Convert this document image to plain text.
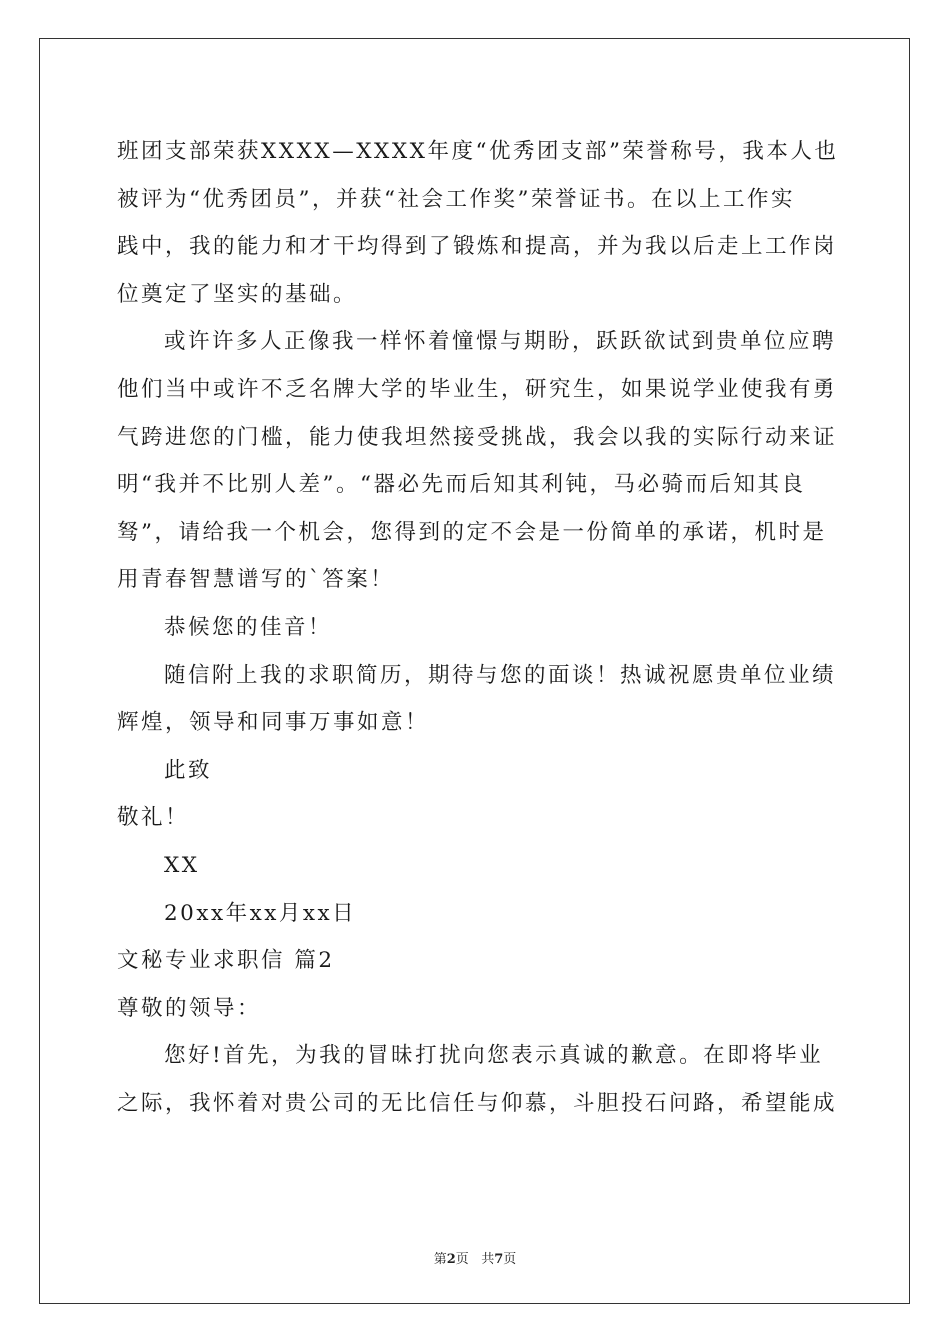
班团支部荣获XXXX—XXXX年度“优秀团支部”荣誉称号，我本人也
被评为“优秀团员”，并获“社会工作奖”荣誉证书。在以上工作实
践中，我的能力和才干均得到了锻炼和提高，并为我以后走上工作岗
位奠定了坚实的基础。
或许许多人正像我一样怀着憧憬与期盼，跃跃欲试到贵单位应聘
他们当中或许不乏名牌大学的毕业生，研究生，如果说学业使我有勇
气跨进您的门槛，能力使我坦然接受挑战，我会以我的实际行动来证
明“我并不比别人差”。“器必先而后知其利钝，马必骑而后知其良
驽”，请给我一个机会，您得到的定不会是一份简单的承诺，机时是
用青春智慧谱写的`答案！
恭候您的佳音！
随信附上我的求职简历，期待与您的面谈！热诚祝愿贵单位业绩
辉煌，领导和同事万事如意！
此致
敬礼！
XX
20xx年xx月xx日
文秘专业求职信 篇2
尊敬的领导：
您好!首先，为我的冒昧打扰向您表示真诚的歉意。在即将毕业
之际，我怀着对贵公司的无比信任与仰慕，斗胆投石问路，希望能成
第2页 共7页
